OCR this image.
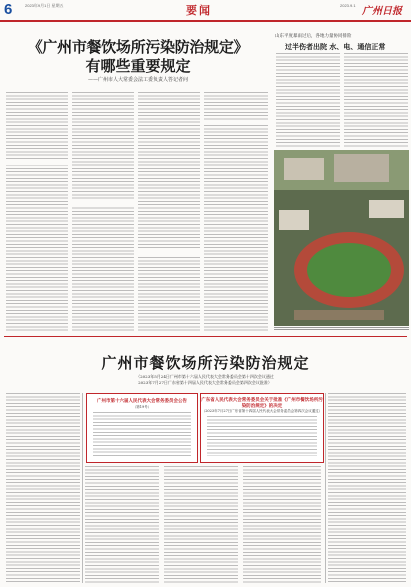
6	2023年9月1日 星期五	要闻	2023.9.1
广州日报
《广州市餐饮场所污染防治规定》
有哪些重要规定
——广州市人大常委会法工委负责人答记者问
山东平度暴雨过后，各地力量协同排险
过半伤者出院 水、电、通信正常
广州市餐饮场所污染防治规定
（2023年5月24日广州市第十六届人民代表大会常务委员会第十四次会议通过
2023年7月27日广东省第十四届人民代表大会常务委员会第四次会议批准）
广州市第十六届人民代表大会常务委员会公告
（第19号）
广东省人民代表大会常务委员会关于批准《广州市餐饮场所污染防治规定》的决定
（2023年7月27日广东省第十四届人民代表大会常务委员会第四次会议通过）
